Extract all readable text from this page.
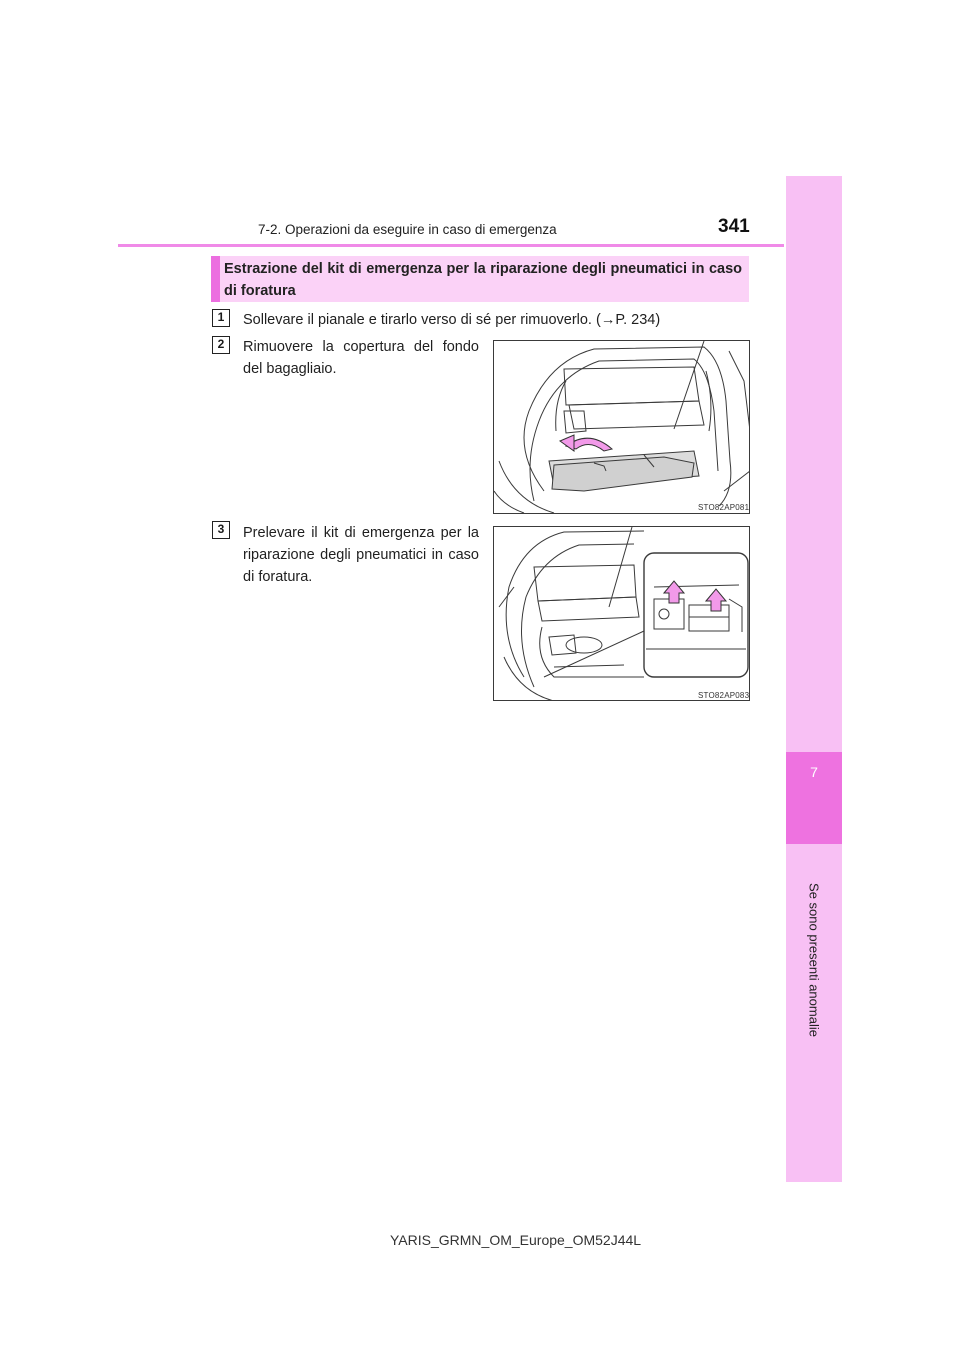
7
Se sono presenti anomalie
7-2. Operazioni da eseguire in caso di emergenza	341
Estrazione del kit di emergenza per la riparazione degli pneumatici in caso di foratura
1	Sollevare il pianale e tirarlo verso di sé per rimuoverlo. (→P. 234)
2	Rimuovere la copertura del fondo del bagagliaio.
STO82AP081
3	Prelevare il kit di emergenza per la riparazione degli pneumatici in caso di foratura.
STO82AP083
YARIS_GRMN_OM_Europe_OM52J44L
